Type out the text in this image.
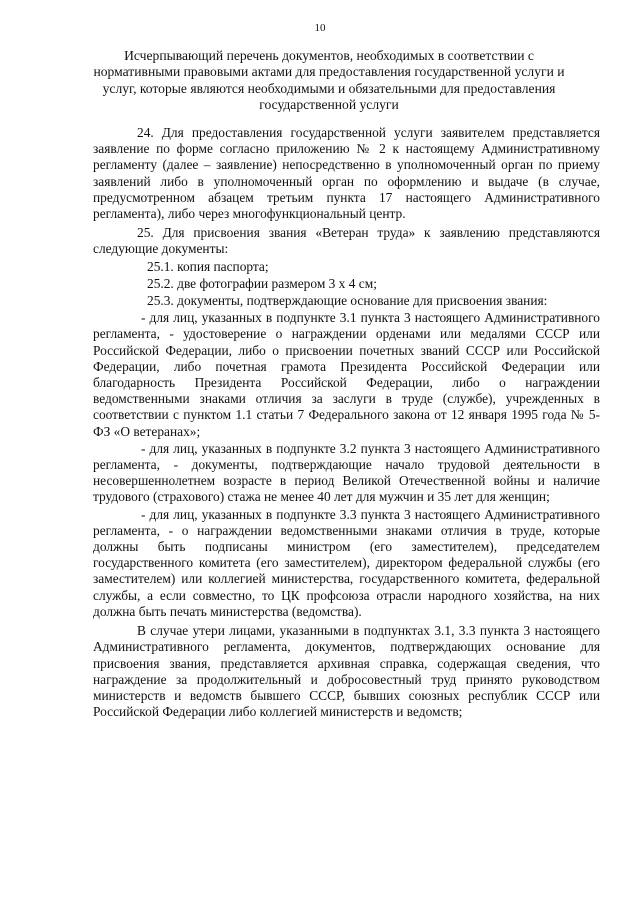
10
Исчерпывающий перечень документов, необходимых в соответствии с нормативными правовыми актами для предоставления государственной услуги и услуг, которые являются необходимыми и обязательными для предоставления государственной услуги

24. Для предоставления государственной услуги заявителем представляется заявление по форме согласно приложению № 2 к настоящему Административному регламенту (далее – заявление) непосредственно в уполномоченный орган по приему заявлений либо в уполномоченный орган по оформлению и выдаче (в случае, предусмотренном абзацем третьим пункта 17 настоящего Административного регламента), либо через многофункциональный центр.

25. Для присвоения звания «Ветеран труда» к заявлению представляются следующие документы:

25.1. копия паспорта;

25.2. две фотографии размером 3 х 4 см;

25.3. документы, подтверждающие основание для присвоения звания:

- для лиц, указанных в подпункте 3.1 пункта 3 настоящего Административного регламента, - удостоверение о награждении орденами или медалями СССР или Российской Федерации, либо о присвоении почетных званий СССР или Российской Федерации, либо почетная грамота Президента Российской Федерации или благодарность Президента Российской Федерации, либо о награждении ведомственными знаками отличия за заслуги в труде (службе), учрежденных в соответствии с пунктом 1.1 статьи 7 Федерального закона от 12 января 1995 года № 5-ФЗ «О ветеранах»;

- для лиц, указанных в подпункте 3.2 пункта 3 настоящего Административного регламента, - документы, подтверждающие начало трудовой деятельности в несовершеннолетнем возрасте в период Великой Отечественной войны и наличие трудового (страхового) стажа не менее 40 лет для мужчин и 35 лет для женщин;

- для лиц, указанных в подпункте 3.3 пункта 3 настоящего Административного регламента, - о награждении ведомственными знаками отличия в труде, которые должны быть подписаны министром (его заместителем), председателем государственного комитета (его заместителем), директором федеральной службы (его заместителем) или коллегией министерства, государственного комитета, федеральной службы, а если совместно, то ЦК профсоюза отрасли народного хозяйства, на них должна быть печать министерства (ведомства).

В случае утери лицами, указанными в подпунктах 3.1, 3.3 пункта 3 настоящего Административного регламента, документов, подтверждающих основание для присвоения звания, представляется архивная справка, содержащая сведения, что награждение за продолжительный и добросовестный труд принято руководством министерств и ведомств бывшего СССР, бывших союзных республик СССР или Российской Федерации либо коллегией министерств и ведомств;
